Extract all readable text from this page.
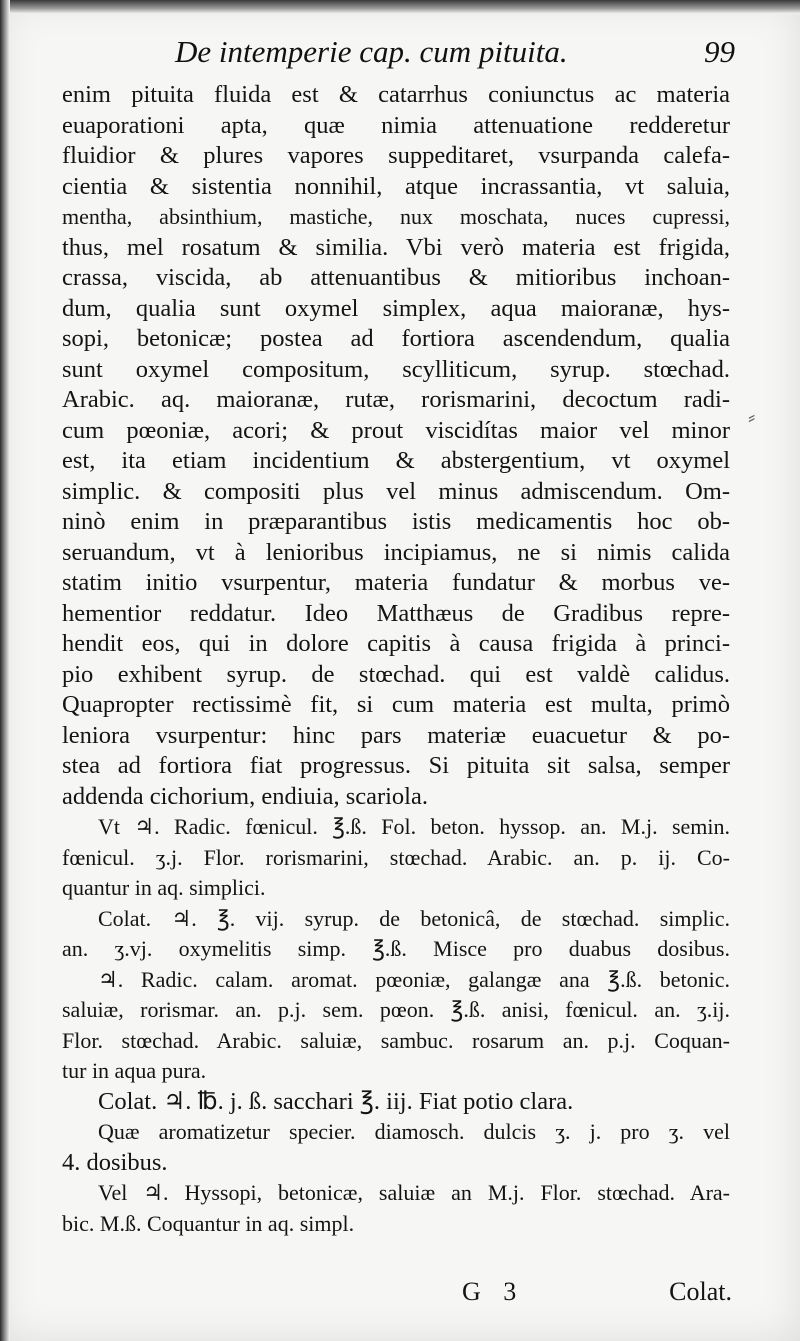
De intemperie cap. cum pituita.	99
⸗
enim pituita fluida est & catarrhus coniunctus ac materia
euaporationi apta, quæ nimia attenuatione redderetur
fluidior & plures vapores suppeditaret, vsurpanda calefa-
cientia & sistentia nonnihil, atque incrassantia, vt saluia,
mentha, absinthium, mastiche, nux moschata, nuces cupressi,
thus, mel rosatum & similia. Vbi verò materia est frigida,
crassa, viscida, ab attenuantibus & mitioribus inchoan-
dum, qualia sunt oxymel simplex, aqua maioranæ, hys-
sopi, betonicæ; postea ad fortiora ascendendum, qualia
sunt oxymel compositum, scylliticum, syrup. stœchad.
Arabic. aq. maioranæ, rutæ, rorismarini, decoctum radi-
cum pœoniæ, acori; & prout viscidítas maior vel minor
est, ita etiam incidentium & abstergentium, vt oxymel
simplic. & compositi plus vel minus admiscendum. Om-
ninò enim in præparantibus istis medicamentis hoc ob-
seruandum, vt à lenioribus incipiamus, ne si nimis calida
statim initio vsurpentur, materia fundatur & morbus ve-
hementior reddatur. Ideo Matthæus de Gradibus repre-
hendit eos, qui in dolore capitis à causa frigida à princi-
pio exhibent syrup. de stœchad. qui est valdè calidus.
Quapropter rectissimè fit, si cum materia est multa, primò
leniora vsurpentur: hinc pars materiæ euacuetur & po-
stea ad fortiora fiat progressus. Si pituita sit salsa, semper
addenda cichorium, endiuia, scariola.
Vt ♃. Radic. fœnicul. ℥.ß. Fol. beton. hyssop. an. M.j. semin.
fœnicul. ʒ.j. Flor. rorismarini, stœchad. Arabic. an. p. ij. Co-
quantur in aq. simplici.
Colat. ♃. ℥. vij. syrup. de betonicâ, de stœchad. simplic.
an. ʒ.vj. oxymelitis simp. ℥.ß. Misce pro duabus dosibus.
♃. Radic. calam. aromat. pœoniæ, galangæ ana ℥.ß. betonic.
saluiæ, rorismar. an. p.j. sem. pœon. ℥.ß. anisi, fœnicul. an. ʒ.ij.
Flor. stœchad. Arabic. saluiæ, sambuc. rosarum an. p.j. Coquan-
tur in aqua pura.
Colat. ♃. ℔. j. ß. sacchari ℥. iij. Fiat potio clara.
Quæ aromatizetur specier. diamosch. dulcis ʒ. j. pro ʒ. vel
4. dosibus.
Vel ♃. Hyssopi, betonicæ, saluiæ an M.j. Flor. stœchad. Ara-
bic. M.ß. Coquantur in aq. simpl.
G 3	Colat.
